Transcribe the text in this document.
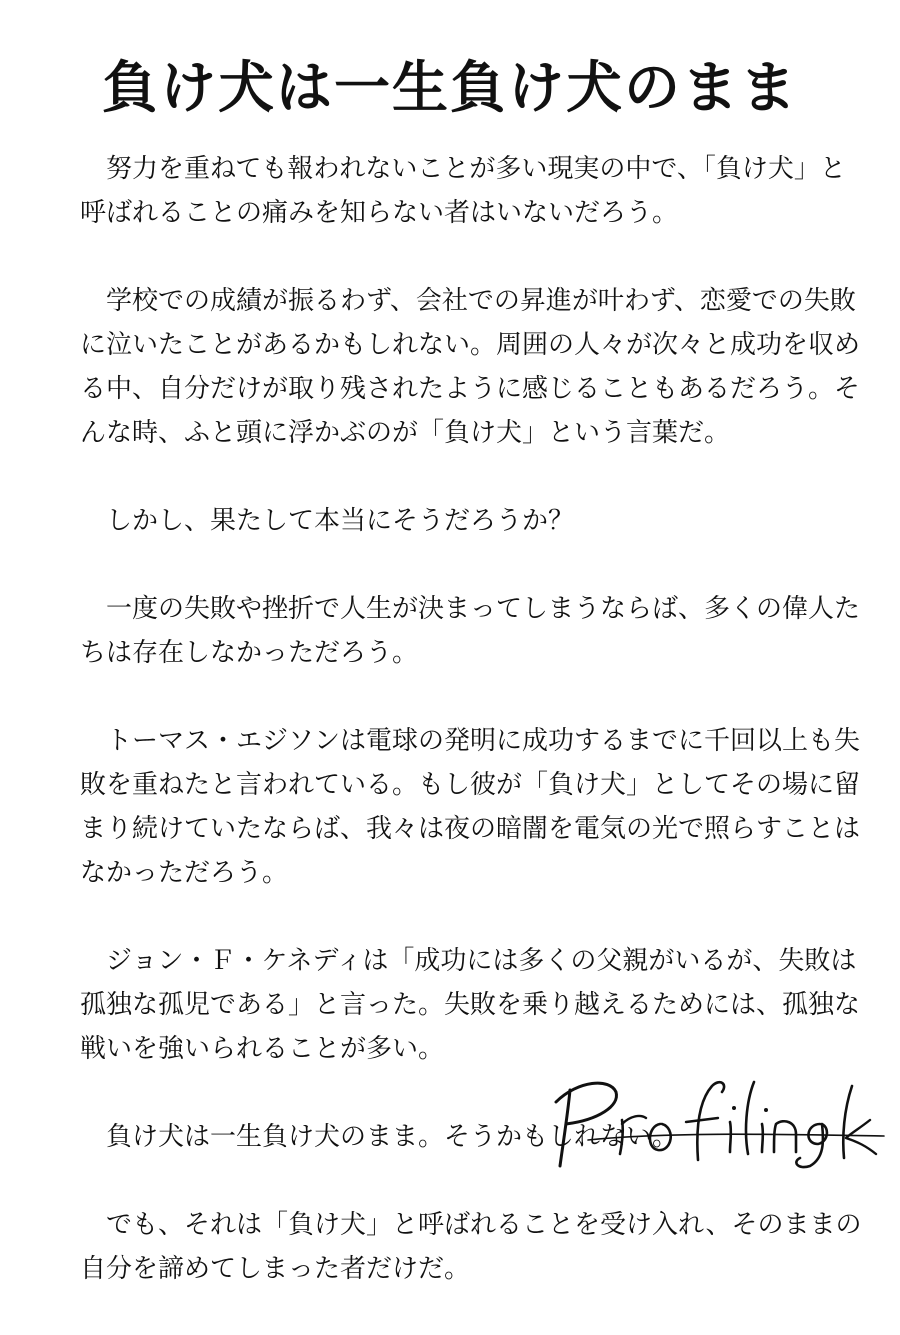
負け犬は一生負け犬のまま
努力を重ねても報われないことが多い現実の中で、「負け犬」と
呼ばれることの痛みを知らない者はいないだろう。
学校での成績が振るわず、会社での昇進が叶わず、恋愛での失敗
に泣いたことがあるかもしれない。周囲の人々が次々と成功を収め
る中、自分だけが取り残されたように感じることもあるだろう。そ
んな時、ふと頭に浮かぶのが「負け犬」という言葉だ。
しかし、果たして本当にそうだろうか？
一度の失敗や挫折で人生が決まってしまうならば、多くの偉人た
ちは存在しなかっただろう。
トーマス・エジソンは電球の発明に成功するまでに千回以上も失
敗を重ねたと言われている。もし彼が「負け犬」としてその場に留
まり続けていたならば、我々は夜の暗闇を電気の光で照らすことは
なかっただろう。
ジョン・Ｆ・ケネディは「成功には多くの父親がいるが、失敗は
孤独な孤児である」と言った。失敗を乗り越えるためには、孤独な
戦いを強いられることが多い。
負け犬は一生負け犬のまま。そうかもしれない。
でも、それは「負け犬」と呼ばれることを受け入れ、そのままの
自分を諦めてしまった者だけだ。
